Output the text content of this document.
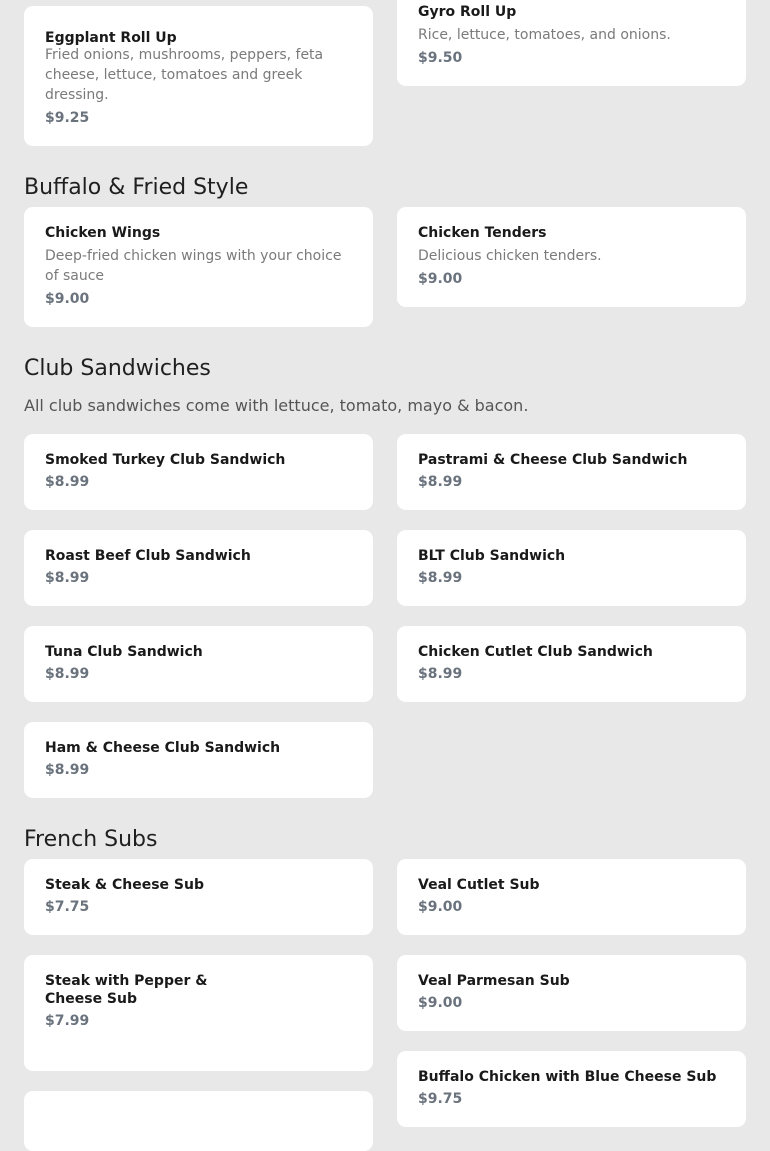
Eggplant Roll Up

Fried onions, mushrooms, peppers, feta cheese, lettuce, tomatoes and greek dressing.

$9.25

Gyro Roll Up

Rice, lettuce, tomatoes, and onions.

$9.50

Buffalo & Fried Style

Chicken Wings

Deep-fried chicken wings with your choice of sauce

$9.00

Chicken Tenders

Delicious chicken tenders.

$9.00

Club Sandwiches

All club sandwiches come with lettuce, tomato, mayo & bacon.

Smoked Turkey Club Sandwich

$8.99

Pastrami & Cheese Club Sandwich

$8.99

Roast Beef Club Sandwich

$8.99

BLT Club Sandwich

$8.99

Tuna Club Sandwich

$8.99

Chicken Cutlet Club Sandwich

$8.99

Ham & Cheese Club Sandwich

$8.99

French Subs

Steak & Cheese Sub

$7.75

Veal Cutlet Sub

$9.00

Steak with Pepper & Cheese Sub

$7.99

Veal Parmesan Sub

$9.00

Buffalo Chicken with Blue Cheese Sub

$9.75
